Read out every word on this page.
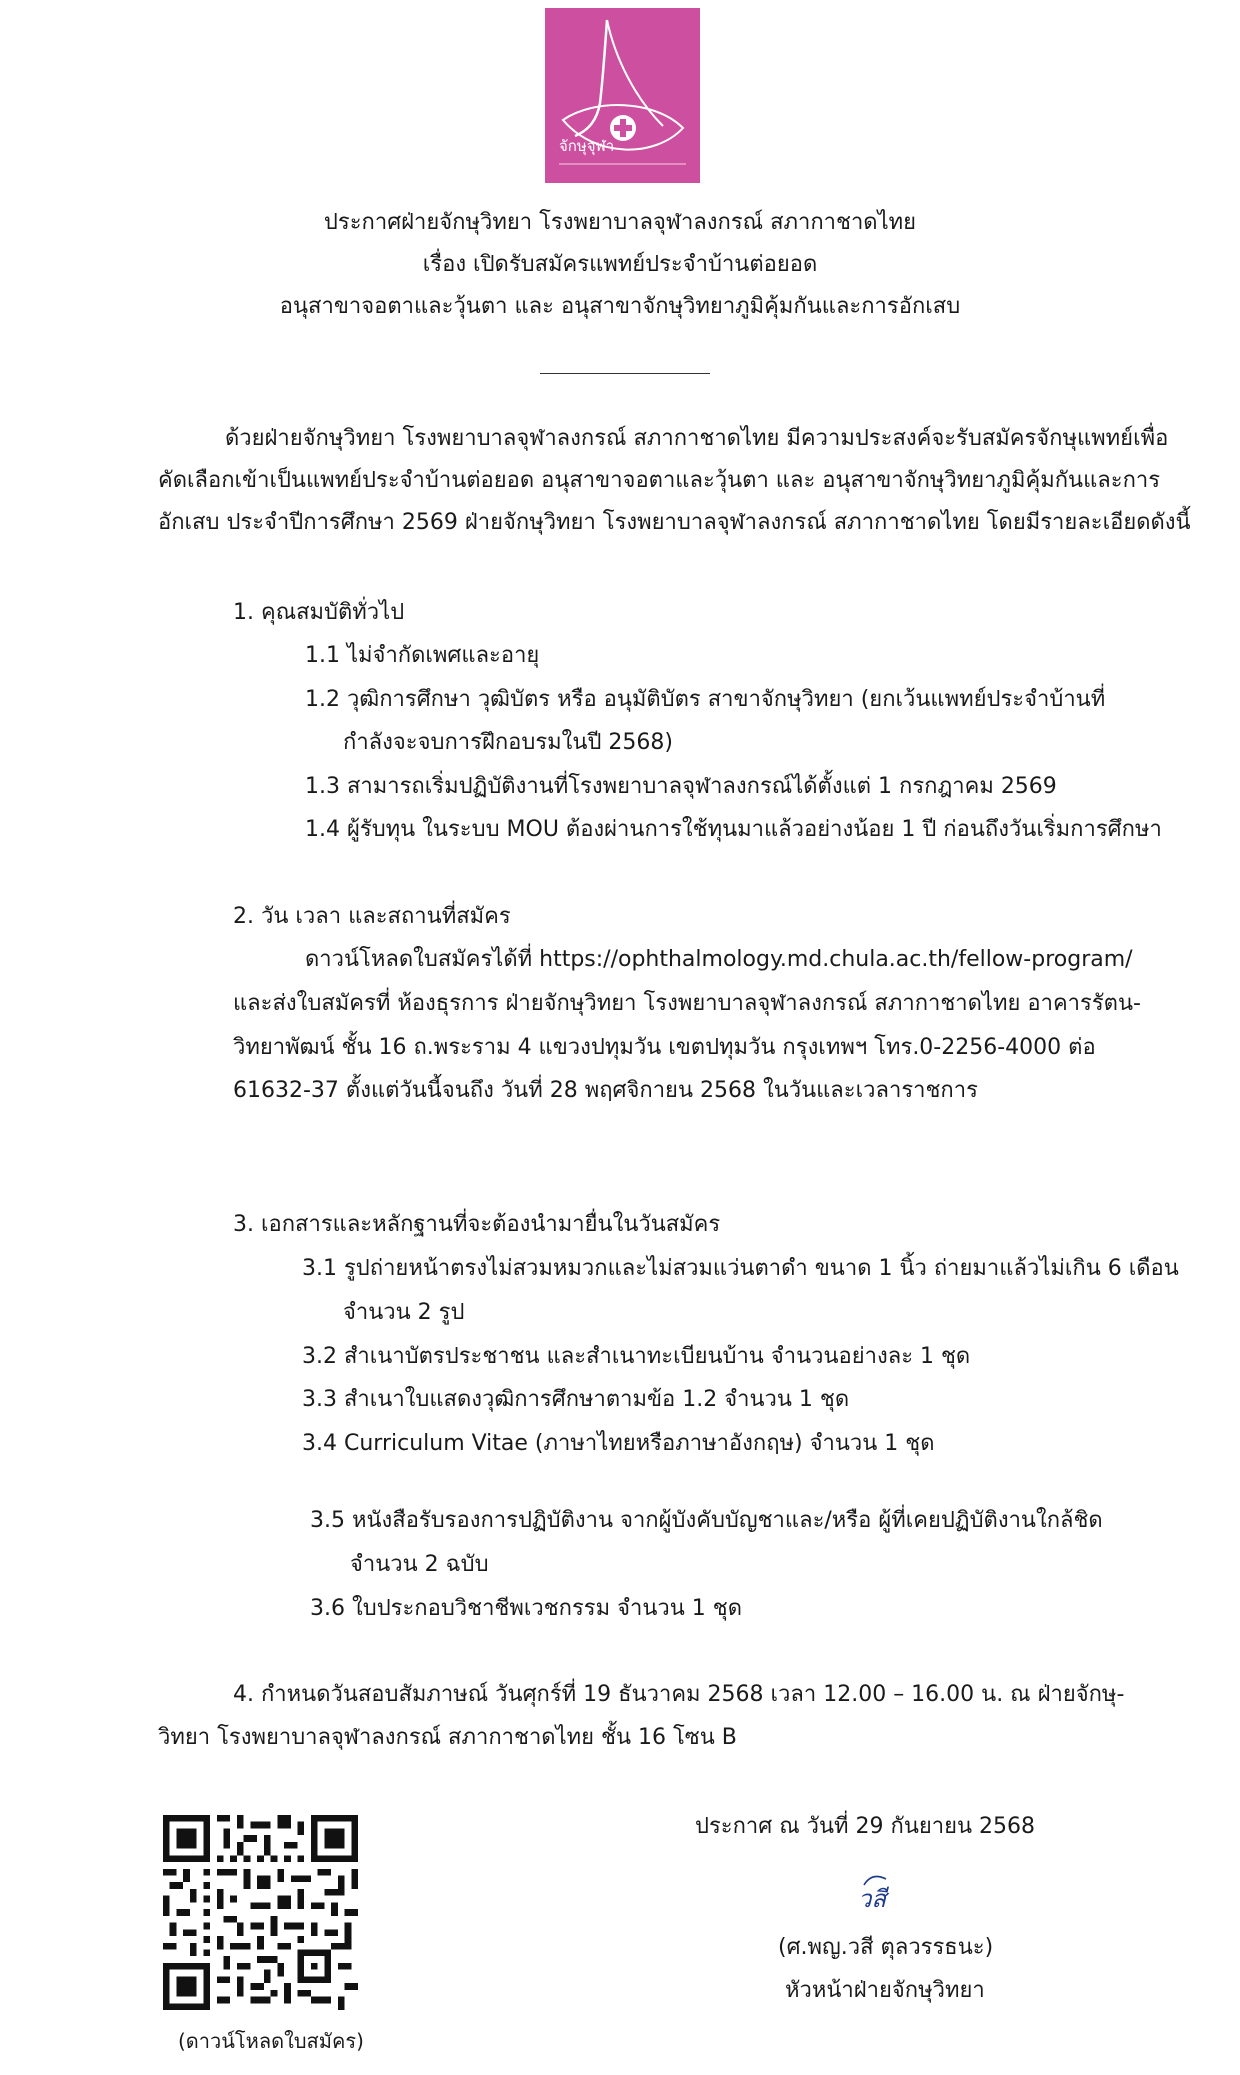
จักษุจุฬา
ประกาศฝ่ายจักษุวิทยา โรงพยาบาลจุฬาลงกรณ์ สภากาชาดไทย
เรื่อง เปิดรับสมัครแพทย์ประจำบ้านต่อยอด
อนุสาขาจอตาและวุ้นตา และ อนุสาขาจักษุวิทยาภูมิคุ้มกันและการอักเสบ
ด้วยฝ่ายจักษุวิทยา โรงพยาบาลจุฬาลงกรณ์ สภากาชาดไทย มีความประสงค์จะรับสมัครจักษุแพทย์เพื่อ
คัดเลือกเข้าเป็นแพทย์ประจำบ้านต่อยอด อนุสาขาจอตาและวุ้นตา และ อนุสาขาจักษุวิทยาภูมิคุ้มกันและการ
อักเสบ ประจำปีการศึกษา 2569 ฝ่ายจักษุวิทยา โรงพยาบาลจุฬาลงกรณ์ สภากาชาดไทย โดยมีรายละเอียดดังนี้
1. คุณสมบัติทั่วไป
1.1 ไม่จำกัดเพศและอายุ
1.2 วุฒิการศึกษา วุฒิบัตร หรือ อนุมัติบัตร สาขาจักษุวิทยา (ยกเว้นแพทย์ประจำบ้านที่
กำลังจะจบการฝึกอบรมในปี 2568)
1.3 สามารถเริ่มปฏิบัติงานที่โรงพยาบาลจุฬาลงกรณ์ได้ตั้งแต่ 1 กรกฎาคม 2569
1.4 ผู้รับทุน ในระบบ MOU ต้องผ่านการใช้ทุนมาแล้วอย่างน้อย 1 ปี ก่อนถึงวันเริ่มการศึกษา
2. วัน เวลา และสถานที่สมัคร
ดาวน์โหลดใบสมัครได้ที่ https://ophthalmology.md.chula.ac.th/fellow-program/
และส่งใบสมัครที่ ห้องธุรการ ฝ่ายจักษุวิทยา โรงพยาบาลจุฬาลงกรณ์ สภากาชาดไทย อาคารรัตน-
วิทยาพัฒน์ ชั้น 16 ถ.พระราม 4 แขวงปทุมวัน เขตปทุมวัน กรุงเทพฯ โทร.0-2256-4000 ต่อ
61632-37 ตั้งแต่วันนี้จนถึง วันที่ 28 พฤศจิกายน 2568 ในวันและเวลาราชการ
3. เอกสารและหลักฐานที่จะต้องนำมายื่นในวันสมัคร
3.1 รูปถ่ายหน้าตรงไม่สวมหมวกและไม่สวมแว่นตาดำ ขนาด 1 นิ้ว ถ่ายมาแล้วไม่เกิน 6 เดือน
จำนวน 2 รูป
3.2 สำเนาบัตรประชาชน และสำเนาทะเบียนบ้าน จำนวนอย่างละ 1 ชุด
3.3 สำเนาใบแสดงวุฒิการศึกษาตามข้อ 1.2 จำนวน 1 ชุด
3.4 Curriculum Vitae (ภาษาไทยหรือภาษาอังกฤษ) จำนวน 1 ชุด
3.5 หนังสือรับรองการปฏิบัติงาน จากผู้บังคับบัญชาและ/หรือ ผู้ที่เคยปฏิบัติงานใกล้ชิด
จำนวน 2 ฉบับ
3.6 ใบประกอบวิชาชีพเวชกรรม จำนวน 1 ชุด
4. กำหนดวันสอบสัมภาษณ์ วันศุกร์ที่ 19 ธันวาคม 2568 เวลา 12.00 – 16.00 น. ณ ฝ่ายจักษุ-
วิทยา โรงพยาบาลจุฬาลงกรณ์ สภากาชาดไทย ชั้น 16 โซน B
(ดาวน์โหลดใบสมัคร)
ประกาศ ณ วันที่ 29 กันยายน 2568
วสี
(ศ.พญ.วสี ตุลวรรธนะ)
หัวหน้าฝ่ายจักษุวิทยา
